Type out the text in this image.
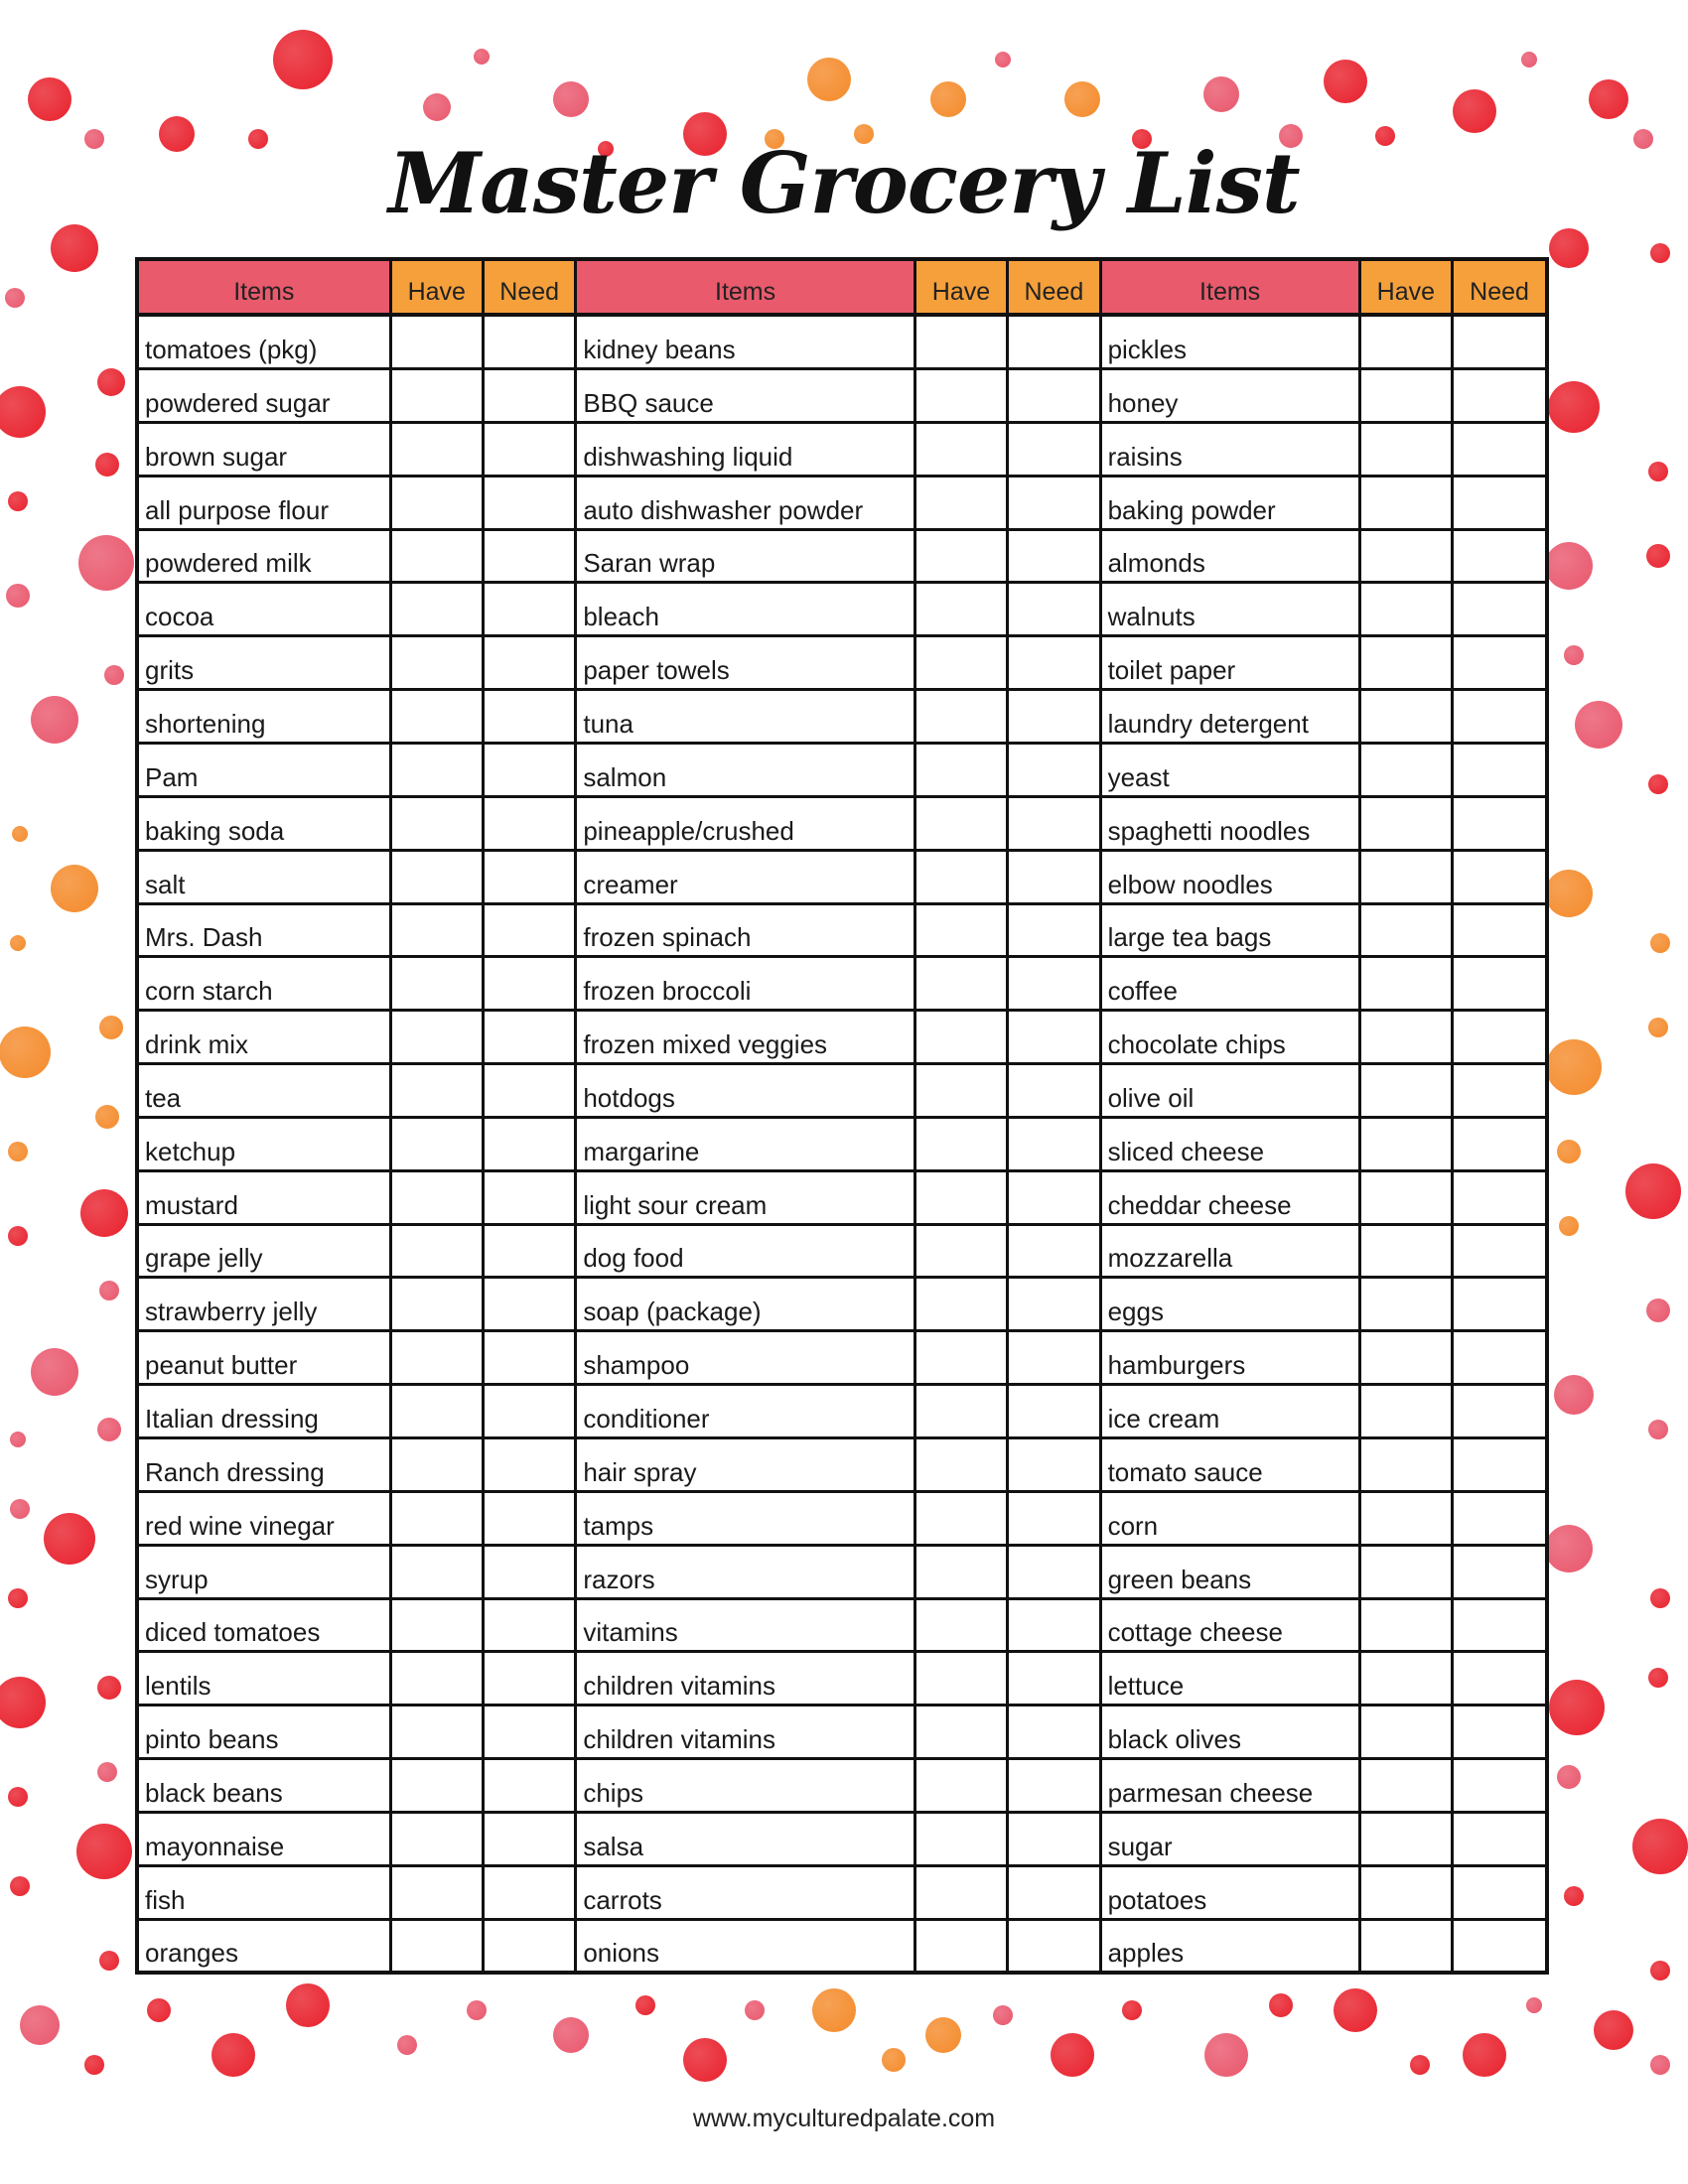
Master Grocery List
Items	Have	Need	Items	Have	Need	Items	Have	Need
tomatoes (pkg)			kidney beans			pickles		
powdered sugar			BBQ sauce			honey		
brown sugar			dishwashing liquid			raisins		
all purpose flour			auto dishwasher powder			baking powder		
powdered milk			Saran wrap			almonds		
cocoa			bleach			walnuts		
grits			paper towels			toilet paper		
shortening			tuna			laundry detergent		
Pam			salmon			yeast		
baking soda			pineapple/crushed			spaghetti noodles		
salt			creamer			elbow noodles		
Mrs. Dash			frozen spinach			large tea bags		
corn starch			frozen broccoli			coffee		
drink mix			frozen mixed veggies			chocolate chips		
tea			hotdogs			olive oil		
ketchup			margarine			sliced cheese		
mustard			light sour cream			cheddar cheese		
grape jelly			dog food			mozzarella		
strawberry jelly			soap (package)			eggs		
peanut butter			shampoo			hamburgers		
Italian dressing			conditioner			ice cream		
Ranch dressing			hair spray			tomato sauce		
red wine vinegar			tamps			corn		
syrup			razors			green beans		
diced tomatoes			vitamins			cottage cheese		
lentils			children vitamins			lettuce		
pinto beans			children vitamins			black olives		
black beans			chips			parmesan cheese		
mayonnaise			salsa			sugar		
fish			carrots			potatoes		
oranges			onions			apples		
www.myculturedpalate.com
